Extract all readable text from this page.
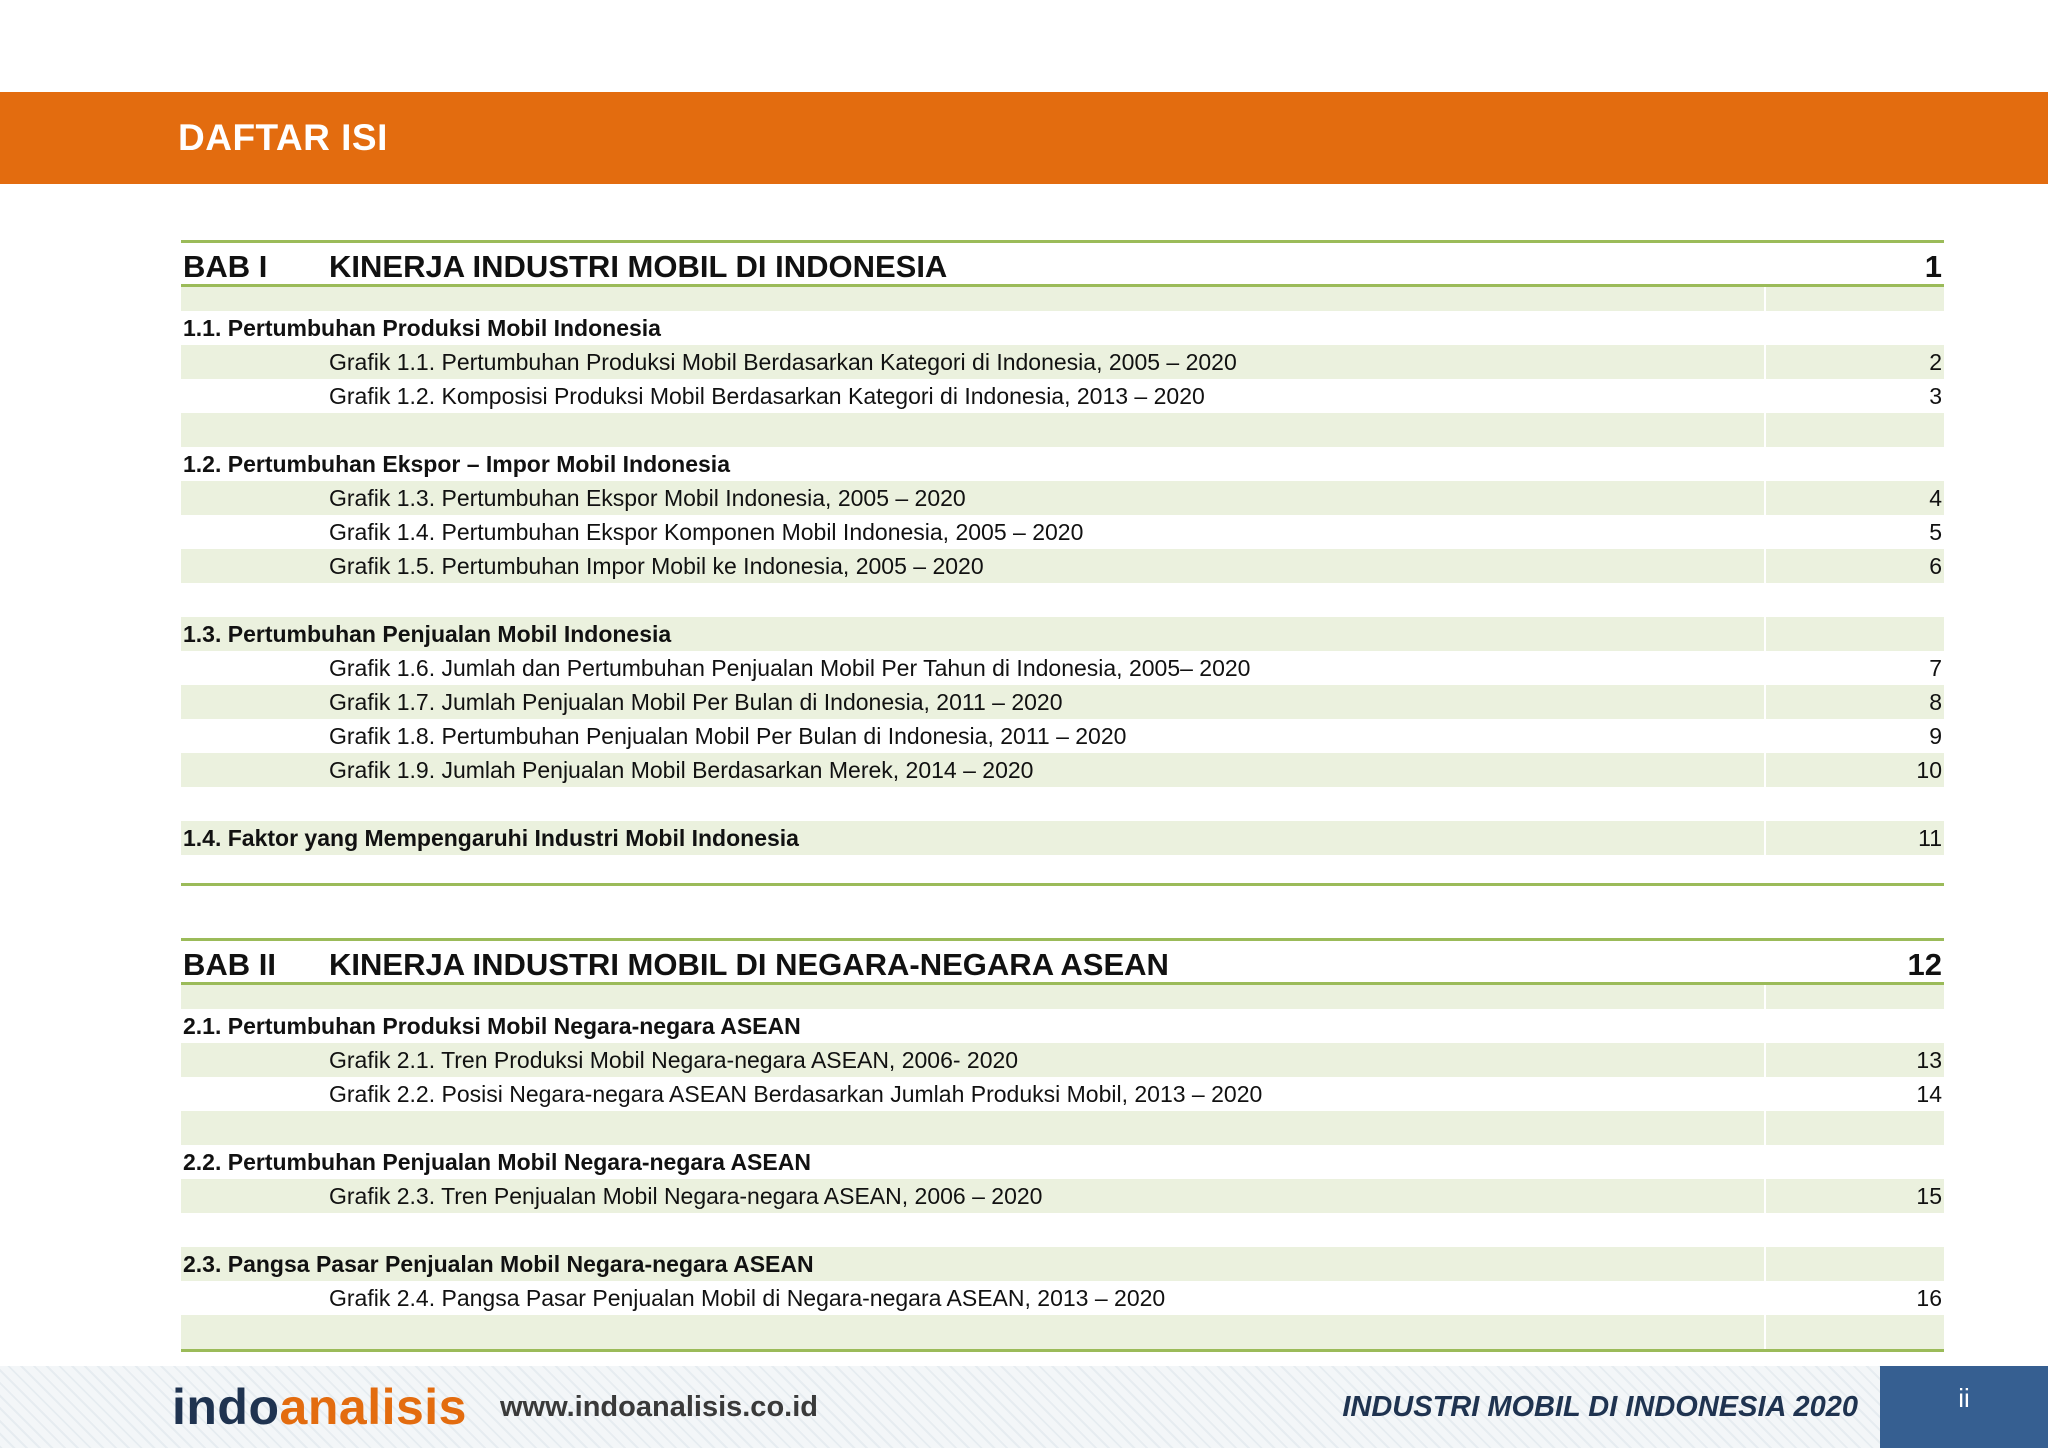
DAFTAR ISI
BAB I KINERJA INDUSTRI MOBIL DI INDONESIA	1
1.1. Pertumbuhan Produksi Mobil Indonesia
Grafik 1.1. Pertumbuhan Produksi Mobil Berdasarkan Kategori di Indonesia, 2005 – 2020	2
Grafik 1.2. Komposisi Produksi Mobil Berdasarkan Kategori di Indonesia, 2013 – 2020	3
1.2. Pertumbuhan Ekspor – Impor Mobil Indonesia
Grafik 1.3. Pertumbuhan Ekspor Mobil Indonesia, 2005 – 2020	4
Grafik 1.4. Pertumbuhan Ekspor Komponen Mobil Indonesia, 2005 – 2020	5
Grafik 1.5. Pertumbuhan Impor Mobil ke Indonesia, 2005 – 2020	6
1.3. Pertumbuhan Penjualan Mobil Indonesia
Grafik 1.6. Jumlah dan Pertumbuhan Penjualan Mobil Per Tahun di Indonesia, 2005– 2020	7
Grafik 1.7. Jumlah Penjualan Mobil Per Bulan di Indonesia, 2011 – 2020	8
Grafik 1.8. Pertumbuhan Penjualan Mobil Per Bulan di Indonesia, 2011 – 2020	9
Grafik 1.9. Jumlah Penjualan Mobil Berdasarkan Merek, 2014 – 2020	10
1.4. Faktor yang Mempengaruhi Industri Mobil Indonesia	11
BAB II KINERJA INDUSTRI MOBIL DI NEGARA-NEGARA ASEAN	12
2.1. Pertumbuhan Produksi Mobil Negara-negara ASEAN
Grafik 2.1. Tren Produksi Mobil Negara-negara ASEAN, 2006- 2020	13
Grafik 2.2. Posisi Negara-negara ASEAN Berdasarkan Jumlah Produksi Mobil, 2013 – 2020	14
2.2. Pertumbuhan Penjualan Mobil Negara-negara ASEAN
Grafik 2.3. Tren Penjualan Mobil Negara-negara ASEAN, 2006 – 2020	15
2.3. Pangsa Pasar Penjualan Mobil Negara-negara ASEAN
Grafik 2.4. Pangsa Pasar Penjualan Mobil di Negara-negara ASEAN, 2013 – 2020	16
indoanalisis www.indoanalisis.co.id	INDUSTRI MOBIL DI INDONESIA 2020	ii
